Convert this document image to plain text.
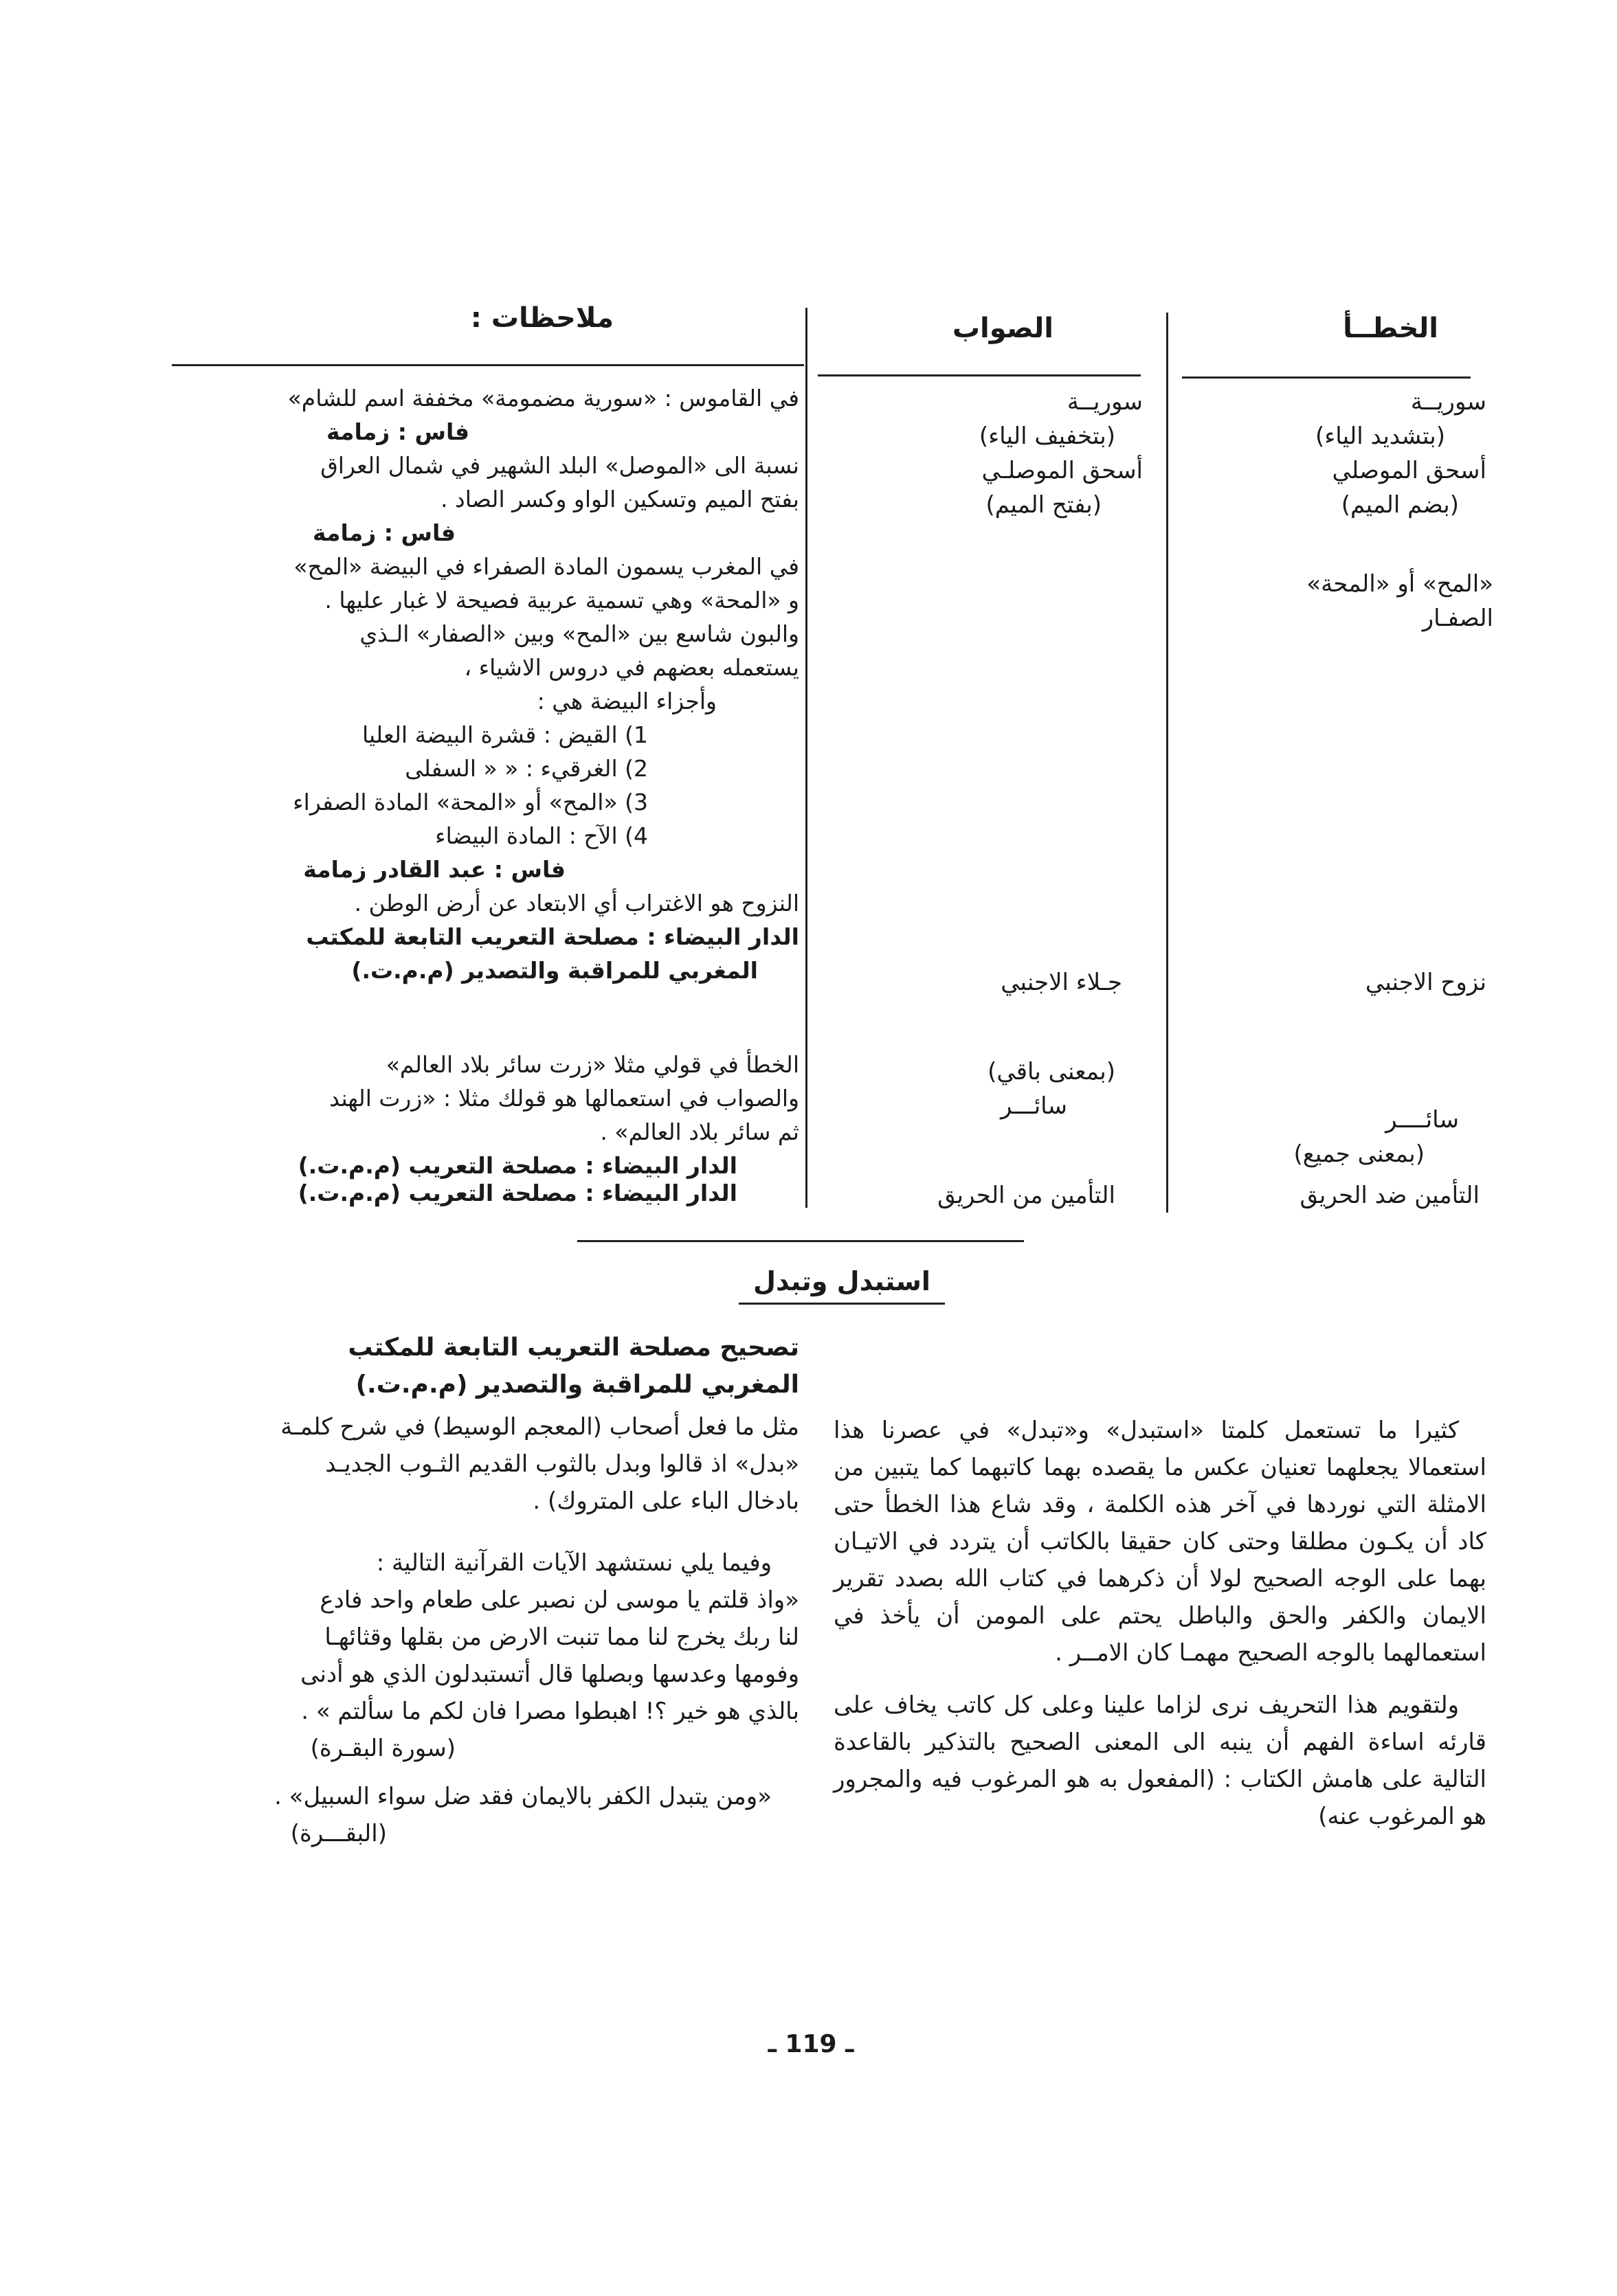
الخطــأ
الصواب
ملاحظات :
سوريــة
(بتشديد الياء)
أسحق الموصلي
(بضم الميم)
سوريــة
(بتخفيف الياء)
أسحق الموصلـي
(بفتح الميم)
في القاموس : «سورية مضمومة» مخففة اسم للشام»
فاس : زمامة
نسبة الى «الموصل» البلد الشهير في شمال العراق
بفتح الميم وتسكين الواو وكسر الصاد .
فاس : زمامة
«المح» أو «المحة»
الصفـار
في المغرب يسمون المادة الصفراء في البيضة «المح»
و «المحة» وهي تسمية عربية فصيحة لا غبار عليها .
والبون شاسع بين «المح» وبين «الصفار» الـذي
يستعمله بعضهم في دروس الاشياء ،
وأجزاء البيضة هي :
1) القيض : قشرة البيضة العليا
2) الغرقيء : « « السفلى
3) «المح» أو «المحة» المادة الصفراء
4) الآح : المادة البيضاء
فاس : عبد القادر زمامة
نزوح الاجنبي
جـلاء الاجنبي
النزوح هو الاغتراب أي الابتعاد عن أرض الوطن .
الدار البيضاء : مصلحة التعريب التابعة للمكتب
المغربي للمراقبة والتصدير (م.م.ت.)
سائــــر
(بمعنى جميع)
(بمعنى باقي)
سائـــر
الخطأ في قولي مثلا «زرت سائر بلاد العالم»
والصواب في استعمالها هو قولك مثلا : «زرت الهند
ثم سائر بلاد العالم» .
الدار البيضاء : مصلحة التعريب (م.م.ت.)
التأمين ضد الحريق
التأمين من الحريق
الدار البيضاء : مصلحة التعريب (م.م.ت.)
استبدل وتبدل
تصحيح مصلحة التعريب التابعة للمكتب
المغربي للمراقبة والتصدير (م.م.ت.)

كثيرا ما تستعمل كلمتا «استبدل» و«تبدل» في عصرنا هذا استعمالا يجعلهما تعنيان عكس ما يقصده بهما كاتبهما كما يتبين من الامثلة التي نوردها في آخر هذه الكلمة ، وقد شاع هذا الخطأ حتى كاد أن يكـون مطلقا وحتى كان حقيقا بالكاتب أن يتردد في الاتيـان بهما على الوجه الصحيح لولا أن ذكرهما في كتاب الله بصدد تقرير الايمان والكفر والحق والباطل يحتم على المومن أن يأخذ في استعمالهما بالوجه الصحيح مهمـا كان الامــر .

ولتقويم هذا التحريف نرى لزاما علينا وعلى كل كاتب يخاف على قارئه اساءة الفهم أن ينبه الى المعنى الصحيح بالتذكير بالقاعدة التالية على هامش الكتاب : (المفعول به هو المرغوب فيه والمجرور هو المرغوب عنه)

مثل ما فعل أصحاب (المعجم الوسيط) في شرح كلمـة
«بدل» اذ قالوا وبدل بالثوب القديم الثـوب الجديـد
بادخال الباء على المتروك) .
وفيما يلي نستشهد الآيات القرآنية التالية :
«واذ قلتم يا موسى لن نصبر على طعام واحد فادع
لنا ربك يخرج لنا مما تنبت الارض من بقلها وقثائهـا
وفومها وعدسها وبصلها قال أتستبدلون الذي هو أدنى
بالذي هو خير ؟! اهبطوا مصرا فان لكم ما سألتم » .
(سورة البقـرة)
«ومن يتبدل الكفر بالايمان فقد ضل سواء السبيل» .
(البقـــرة)
ـ 119 ـ
